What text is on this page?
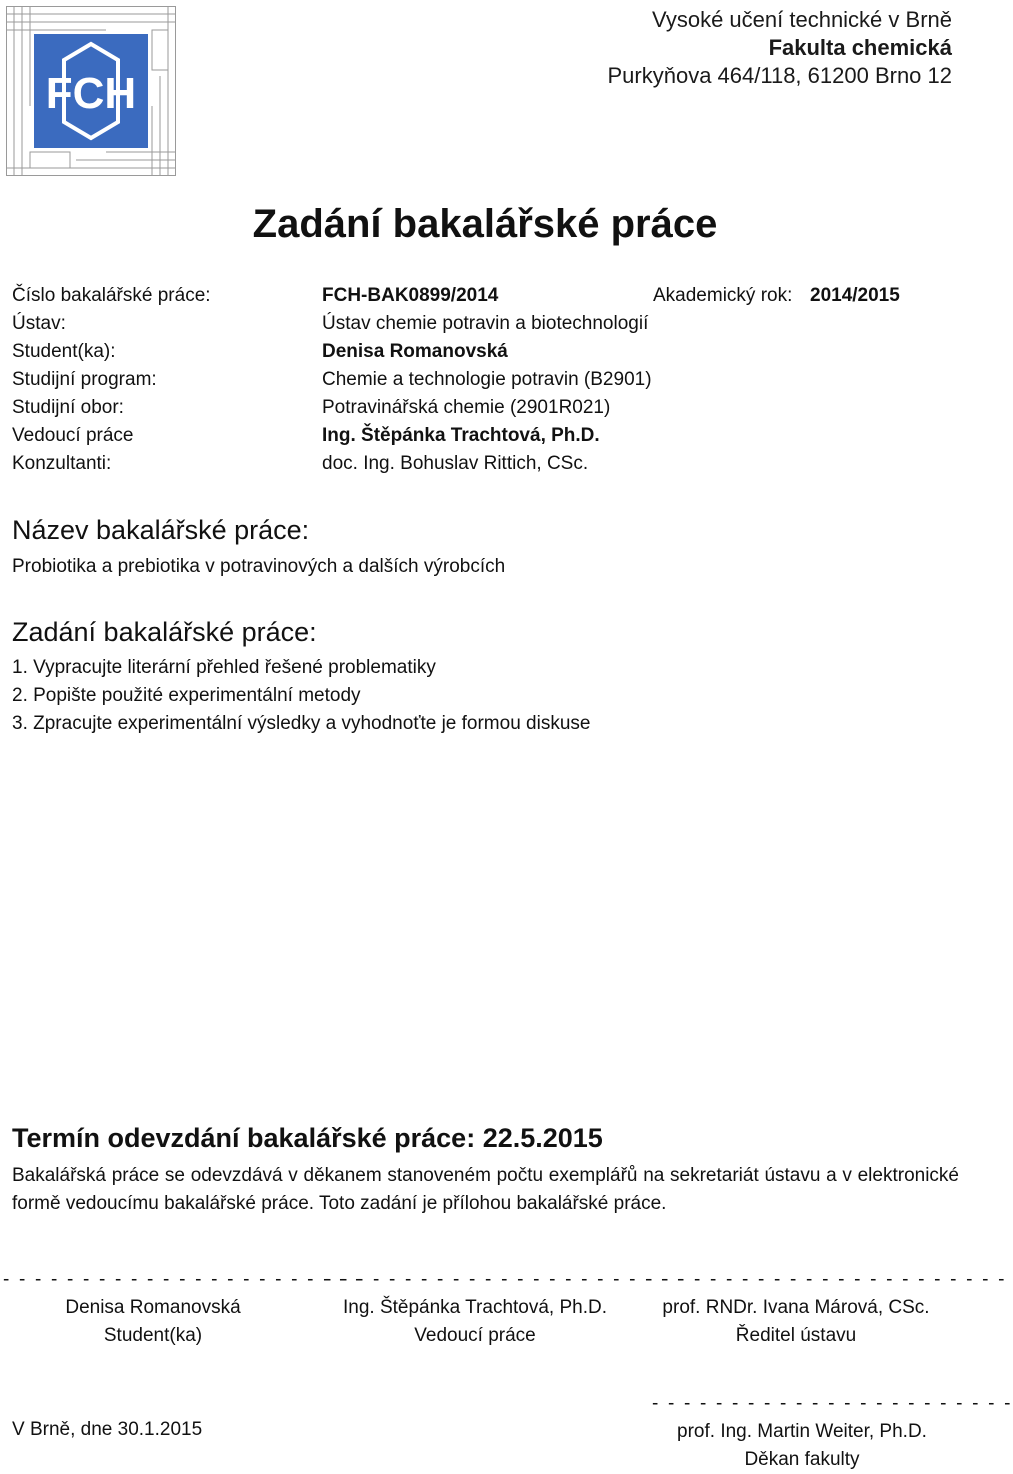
FCH
Vysoké učení technické v Brně
Fakulta chemická
Purkyňova 464/118, 61200 Brno 12
Zadání bakalářské práce
Číslo bakalářské práce:	FCH-BAK0899/2014	Akademický rok: 2014/2015
Ústav:	Ústav chemie potravin a biotechnologií
Student(ka):	Denisa Romanovská
Studijní program:	Chemie a technologie potravin (B2901)
Studijní obor:	Potravinářská chemie (2901R021)
Vedoucí práce	Ing. Štěpánka Trachtová, Ph.D.
Konzultanti:	doc. Ing. Bohuslav Rittich, CSc.
Název bakalářské práce:
Probiotika a prebiotika v potravinových a dalších výrobcích
Zadání bakalářské práce:
1. Vypracujte literární přehled řešené problematiky
2. Popište použité experimentální metody
3. Zpracujte experimentální výsledky a vyhodnoťte je formou diskuse
Termín odevzdání bakalářské práce: 22.5.2015
Bakalářská práce se odevzdává v děkanem stanoveném počtu exemplářů na sekretariát ústavu a v elektronické formě vedoucímu bakalářské práce. Toto zadání je přílohou bakalářské práce.
- - - - - - - - - - - - - - - - - - - - - - -
Denisa Romanovská
Student(ka)
- - - - - - - - - - - - - - - - - - - - - - -
Ing. Štěpánka Trachtová, Ph.D.
Vedoucí práce
- - - - - - - - - - - - - - - - - - - - - - -
prof. RNDr. Ivana Márová, CSc.
Ředitel ústavu
- - - - - - - - - - - - - - - - - - - - - - -
prof. Ing. Martin Weiter, Ph.D.
Děkan fakulty
V Brně, dne 30.1.2015
